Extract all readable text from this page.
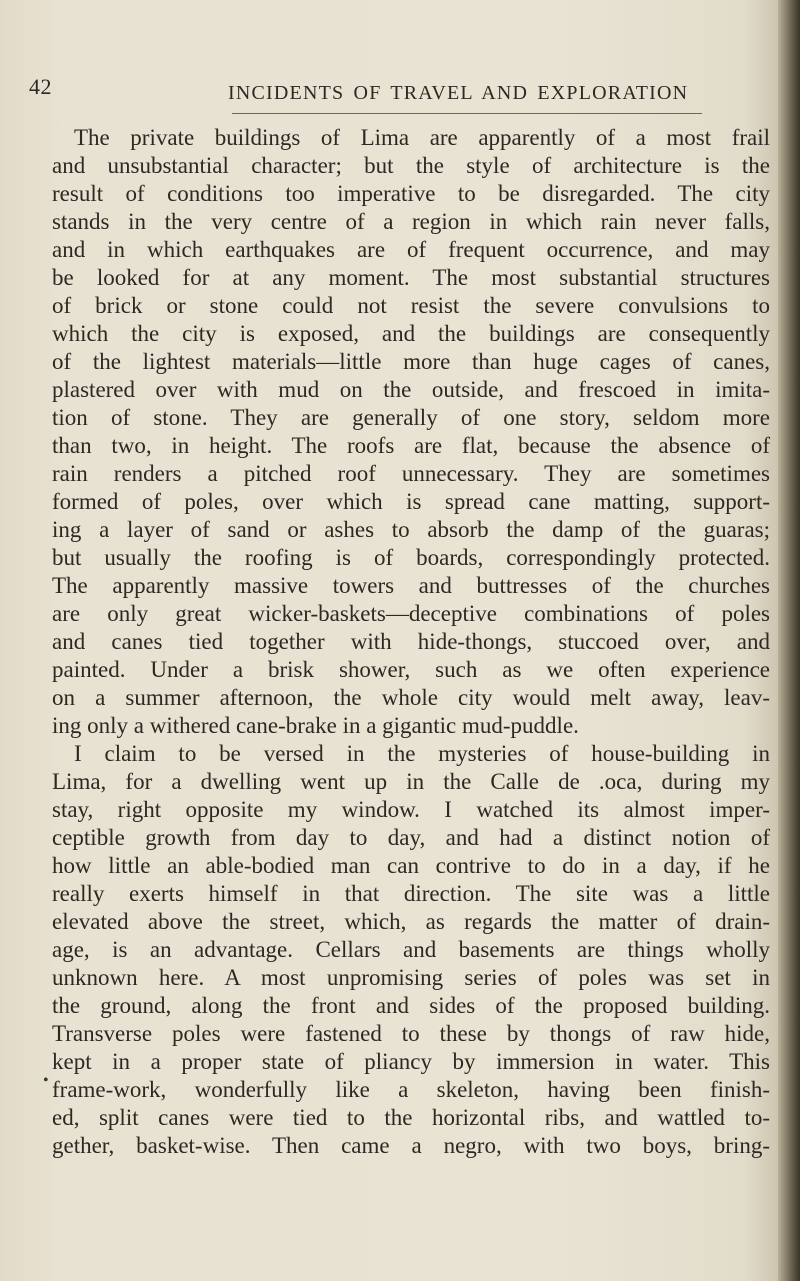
42	INCIDENTS OF TRAVEL AND EXPLORATION
The private buildings of Lima are apparently of a most frail
and unsubstantial character; but the style of architecture is the
result of conditions too imperative to be disregarded. The city
stands in the very centre of a region in which rain never falls,
and in which earthquakes are of frequent occurrence, and may
be looked for at any moment. The most substantial structures
of brick or stone could not resist the severe convulsions to
which the city is exposed, and the buildings are consequently
of the lightest materials—little more than huge cages of canes,
plastered over with mud on the outside, and frescoed in imita-
tion of stone. They are generally of one story, seldom more
than two, in height. The roofs are flat, because the absence of
rain renders a pitched roof unnecessary. They are sometimes
formed of poles, over which is spread cane matting, support-
ing a layer of sand or ashes to absorb the damp of the guaras;
but usually the roofing is of boards, correspondingly protected.
The apparently massive towers and buttresses of the churches
are only great wicker-baskets—deceptive combinations of poles
and canes tied together with hide-thongs, stuccoed over, and
painted. Under a brisk shower, such as we often experience
on a summer afternoon, the whole city would melt away, leav-
ing only a withered cane-brake in a gigantic mud-puddle.
I claim to be versed in the mysteries of house-building in
Lima, for a dwelling went up in the Calle de .oca, during my
stay, right opposite my window. I watched its almost imper-
ceptible growth from day to day, and had a distinct notion of
how little an able-bodied man can contrive to do in a day, if he
really exerts himself in that direction. The site was a little
elevated above the street, which, as regards the matter of drain-
age, is an advantage. Cellars and basements are things wholly
unknown here. A most unpromising series of poles was set in
the ground, along the front and sides of the proposed building.
Transverse poles were fastened to these by thongs of raw hide,
kept in a proper state of pliancy by immersion in water. This
frame-work, wonderfully like a skeleton, having been finish-
ed, split canes were tied to the horizontal ribs, and wattled to-
gether, basket-wise. Then came a negro, with two boys, bring-
•
